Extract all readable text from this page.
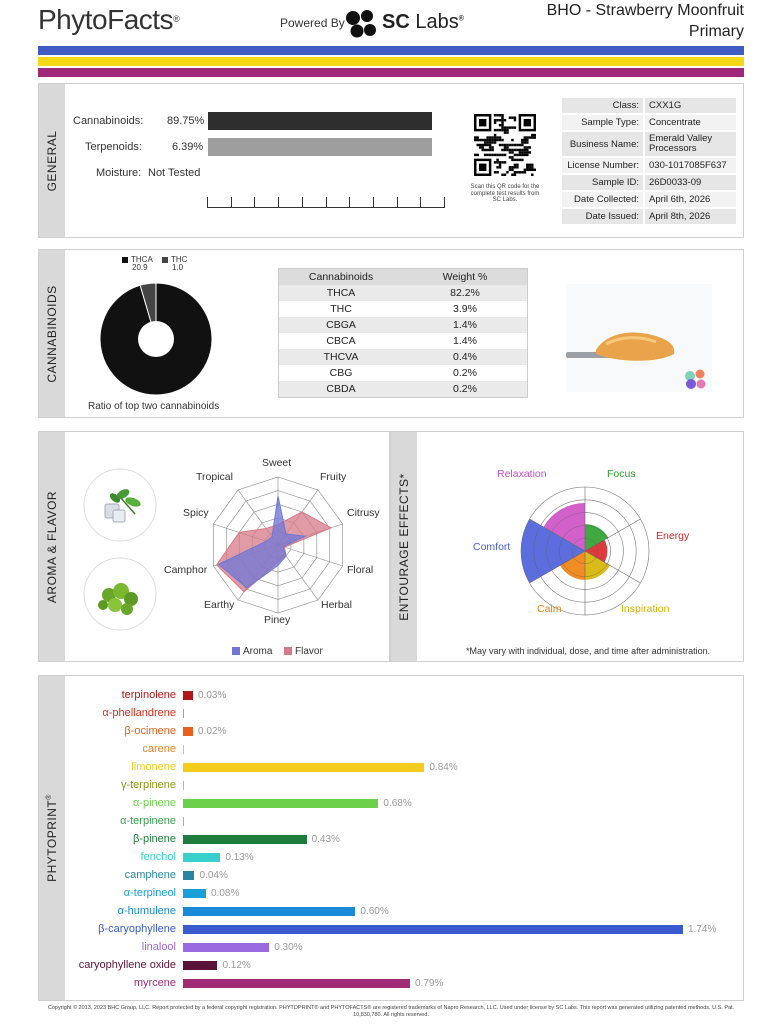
PhytoFacts®	Powered By SC Labs®	BHO - Strawberry Moonfruit
Primary
GENERAL
Cannabinoids: 89.75%
Terpenoids:	6.39%
Moisture: Not Tested
Scan this QR code for the complete test results from SC Labs.
Class:	CXX1G
Sample Type:	Concentrate
Business Name:	Emerald Valley Processors
License Number:	030-1017085F637
Sample ID:	26D0033-09
Date Collected:	April 6th, 2026
Date Issued:	April 8th, 2026
CANNABINOIDS
THCA
20.9
THC
1.0
Ratio of top two cannabinoids
Cannabinoids	Weight %
THCA	82.2%
THC	3.9%
CBGA	1.4%
CBCA	1.4%
THCVA	0.4%
CBG	0.2%
CBDA	0.2%
AROMA & FLAVOR	ENTOURAGE EFFECTS*
Sweet
Fruity
Citrusy
Floral
Herbal
Piney
Earthy
Camphor
Spicy
Tropical
Aroma	Flavor
Focus
Energy
Inspiration
Calm
Comfort
Relaxation
*May vary with individual, dose, and time after administration.
PHYTOPRINT®
terpinolene 0.03%
α-phellandrene
β-ocimene 0.02%
carene
limonene	0.84%
γ-terpinene
α-pinene	0.68%
α-terpinene
β-pinene	0.43%
fenchol	0.13%
camphene 0.04%
α-terpineol	0.08%
α-humulene	0.60%
β-caryophyllene	1.74%
linalool	0.30%
caryophyllene oxide	0.12%
myrcene	0.79%
Copyright © 2013, 2023 BHC Group, LLC. Report protected by a federal copyright registration. PHYTOPRINT® and PHYTOFACTS® are registered trademarks of Napro Research, LLC. Used under license by SC Labs. This report was generated utilizing patented methods. U.S. Pat. 10,830,780. All rights reserved.
